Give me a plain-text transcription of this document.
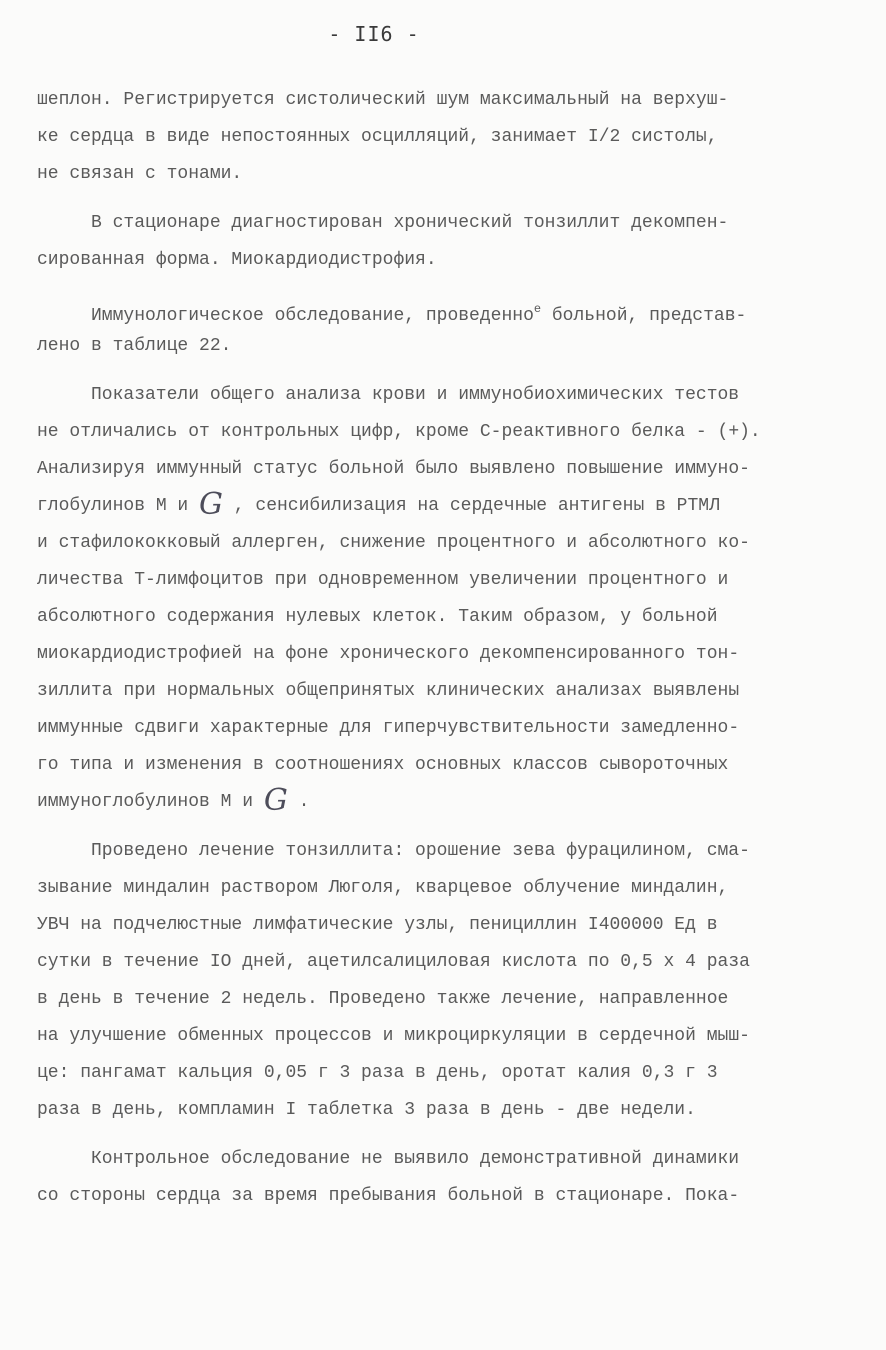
- II6 -
шеплон. Регистрируется систолический шум максимальный на верхуш-
ке сердца в виде непостоянных осцилляций, занимает I/2 систолы,
не связан с тонами.
В стационаре диагностирован хронический тонзиллит декомпен-
сированная форма. Миокардиодистрофия.
Иммунологическое обследование, проведенно$^е$ больной, представ-
лено в таблице 22.
Показатели общего анализа крови и иммунобиохимических тестов
не отличались от контрольных цифр, кроме С-реактивного белка - (+).
Анализируя иммунный статус больной было выявлено повышение иммуно-
глобулинов М и G , сенсибилизация на сердечные антигены в РТМЛ
и стафилококковый аллерген, снижение процентного и абсолютного ко-
личества Т-лимфоцитов при одновременном увеличении процентного и
абсолютного содержания нулевых клеток. Таким образом, у больной
миокардиодистрофией на фоне хронического декомпенсированного тон-
зиллита при нормальных общепринятых клинических анализах выявлены
иммунные сдвиги характерные для гиперчувствительности замедленно-
го типа и изменения в соотношениях основных классов сывороточных
иммуноглобулинов М и G .
Проведено лечение тонзиллита: орошение зева фурацилином, сма-
зывание миндалин раствором Люголя, кварцевое облучение миндалин,
УВЧ на подчелюстные лимфатические узлы, пенициллин I400000 Ед в
сутки в течение IO дней, ацетилсалициловая кислота по 0,5 х 4 раза
в день в течение 2 недель. Проведено также лечение, направленное
на улучшение обменных процессов и микроциркуляции в сердечной мыш-
це: пангамат кальция 0,05 г 3 раза в день, оротат калия 0,3 г 3
раза в день, компламин I таблетка 3 раза в день - две недели.
Контрольное обследование не выявило демонстративной динамики
со стороны сердца за время пребывания больной в стационаре. Пока-
